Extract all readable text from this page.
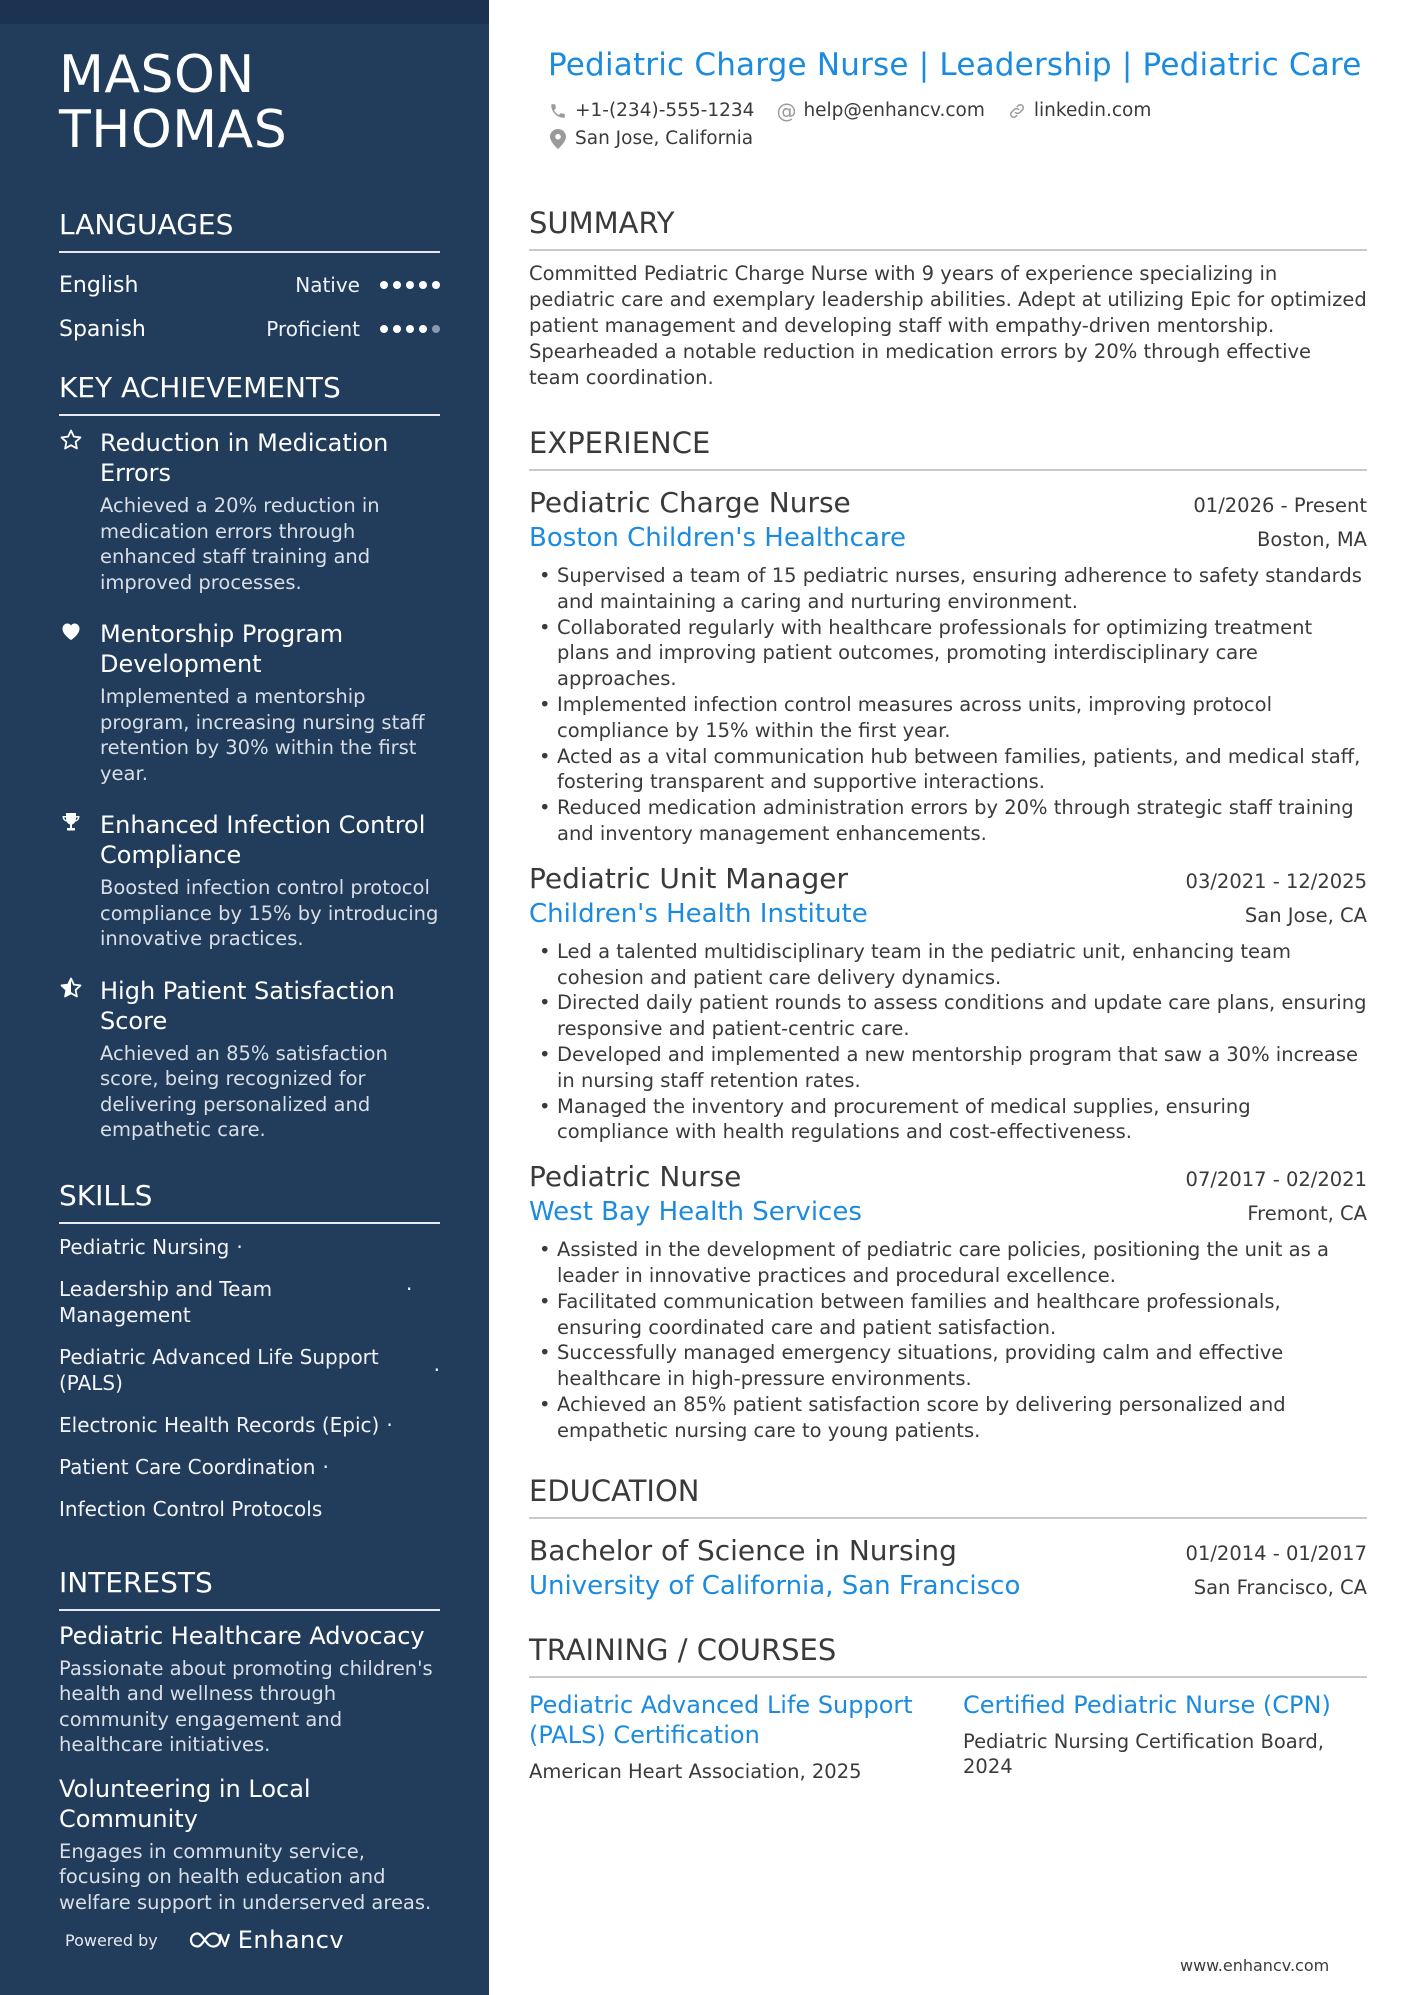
MASON
THOMAS
LANGUAGES
English	Native
Spanish	Proficient
KEY ACHIEVEMENTS
Reduction in Medication Errors
Achieved a 20% reduction in medication errors through enhanced staff training and improved processes.
Mentorship Program Development
Implemented a mentorship program, increasing nursing staff retention by 30% within the first year.
Enhanced Infection Control Compliance
Boosted infection control protocol compliance by 15% by introducing innovative practices.
High Patient Satisfaction Score
Achieved an 85% satisfaction score, being recognized for delivering personalized and empathetic care.
SKILLS
Pediatric Nursing ·
Leadership and Team Management
·
Pediatric Advanced Life Support (PALS)
·
Electronic Health Records (Epic) ·
Patient Care Coordination ·
Infection Control Protocols
INTERESTS
Pediatric Healthcare Advocacy
Passionate about promoting children's health and wellness through community engagement and healthcare initiatives.
Volunteering in Local Community
Engages in community service, focusing on health education and welfare support in underserved areas.
Powered by	Enhancv
Pediatric Charge Nurse | Leadership | Pediatric Care
+1-(234)-555-1234 @ help@enhancv.com	linkedin.com
San Jose, California
SUMMARY

Committed Pediatric Charge Nurse with 9 years of experience specializing in pediatric care and exemplary leadership abilities. Adept at utilizing Epic for optimized patient management and developing staff with empathy-driven mentorship. Spearheaded a notable reduction in medication errors by 20% through effective team coordination.

EXPERIENCE
Pediatric Charge Nurse	01/2026 - Present
Boston Children's Healthcare	Boston, MA
• Supervised a team of 15 pediatric nurses, ensuring adherence to safety standards and maintaining a caring and nurturing environment.
• Collaborated regularly with healthcare professionals for optimizing treatment plans and improving patient outcomes, promoting interdisciplinary care approaches.
• Implemented infection control measures across units, improving protocol compliance by 15% within the first year.
• Acted as a vital communication hub between families, patients, and medical staff, fostering transparent and supportive interactions.
• Reduced medication administration errors by 20% through strategic staff training and inventory management enhancements.
Pediatric Unit Manager	03/2021 - 12/2025
Children's Health Institute	San Jose, CA
• Led a talented multidisciplinary team in the pediatric unit, enhancing team cohesion and patient care delivery dynamics.
• Directed daily patient rounds to assess conditions and update care plans, ensuring responsive and patient-centric care.
• Developed and implemented a new mentorship program that saw a 30% increase in nursing staff retention rates.
• Managed the inventory and procurement of medical supplies, ensuring compliance with health regulations and cost-effectiveness.
Pediatric Nurse	07/2017 - 02/2021
West Bay Health Services	Fremont, CA
• Assisted in the development of pediatric care policies, positioning the unit as a leader in innovative practices and procedural excellence.
• Facilitated communication between families and healthcare professionals, ensuring coordinated care and patient satisfaction.
• Successfully managed emergency situations, providing calm and effective healthcare in high-pressure environments.
• Achieved an 85% patient satisfaction score by delivering personalized and empathetic nursing care to young patients.
EDUCATION
Bachelor of Science in Nursing	01/2014 - 01/2017
University of California, San Francisco	San Francisco, CA
TRAINING / COURSES
Pediatric Advanced Life Support (PALS) Certification
American Heart Association, 2025
Certified Pediatric Nurse (CPN)
Pediatric Nursing Certification Board, 2024
www.enhancv.com
